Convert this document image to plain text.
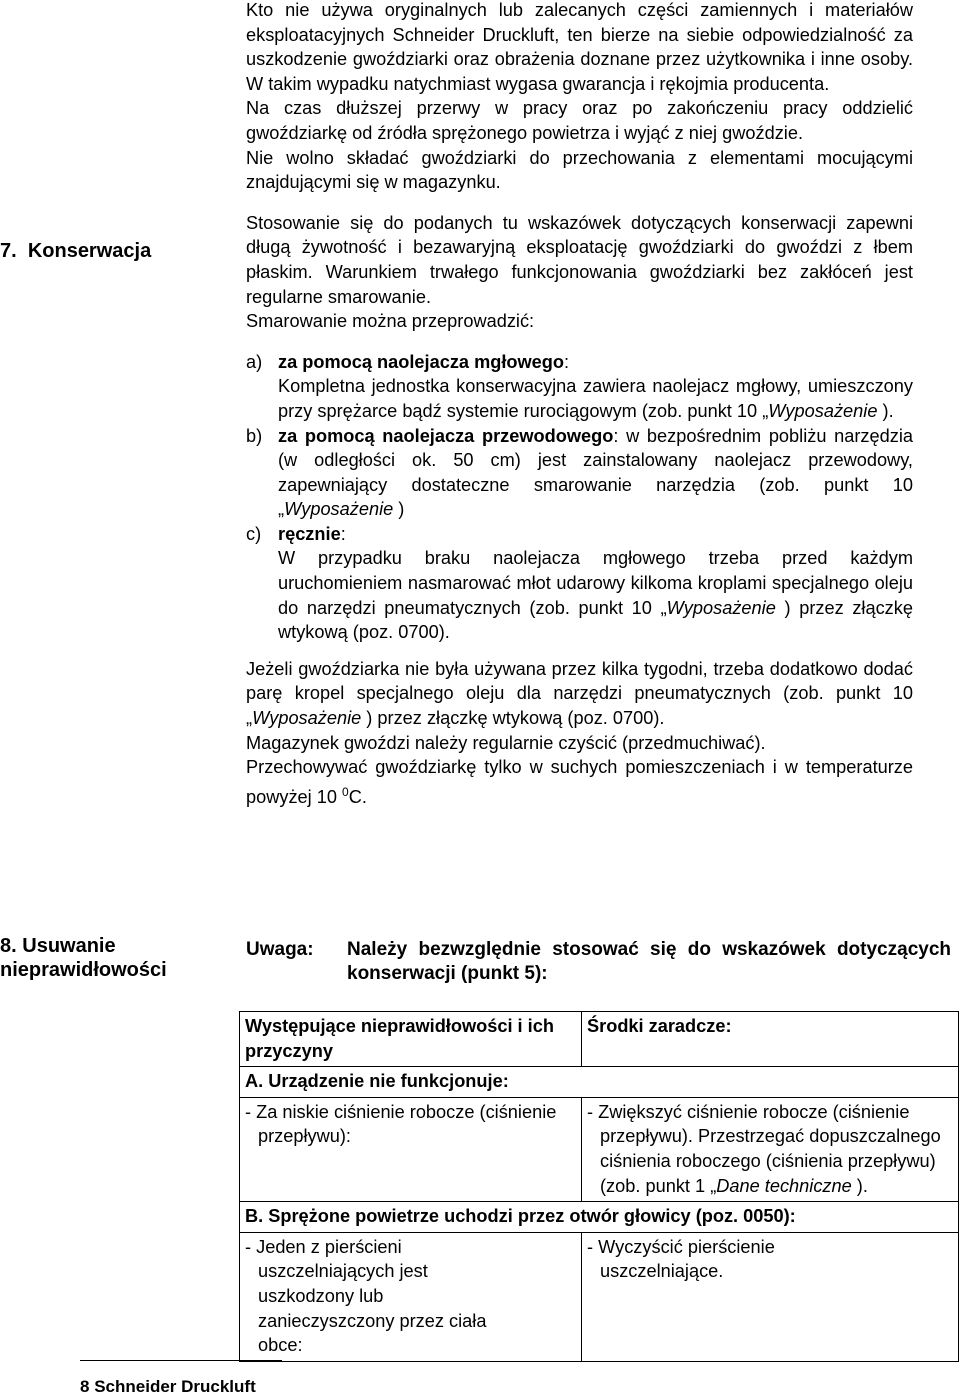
7. Konserwacja

Kto nie używa oryginalnych lub zalecanych części zamiennych i materiałów eksploatacyjnych Schneider Druckluft, ten bierze na siebie odpowiedzialność za uszkodzenie gwoździarki oraz obrażenia doznane przez użytkownika i inne osoby. W takim wypadku natychmiast wygasa gwarancja i rękojmia producenta.

Na czas dłuższej przerwy w pracy oraz po zakończeniu pracy oddzielić gwoździarkę od źródła sprężonego powietrza i wyjąć z niej gwoździe.

Nie wolno składać gwoździarki do przechowania z elementami mocującymi znajdującymi się w magazynku.

Stosowanie się do podanych tu wskazówek dotyczących konserwacji zapewni długą żywotność i bezawaryjną eksploatację gwoździarki do gwoździ z łbem płaskim. Warunkiem trwałego funkcjonowania gwoździarki bez zakłóceń jest regularne smarowanie.

Smarowanie można przeprowadzić:

a) za pomocą naolejacza mgłowego:
Kompletna jednostka konserwacyjna zawiera naolejacz mgłowy, umieszczony przy sprężarce bądź systemie rurociągowym (zob. punkt 10 „Wyposażenie ).
b) za pomocą naolejacza przewodowego: w bezpośrednim pobliżu narzędzia (w odległości ok. 50 cm) jest zainstalowany naolejacz przewodowy, zapewniający dostateczne smarowanie narzędzia (zob. punkt 10 „Wyposażenie )
c) ręcznie:
W przypadku braku naolejacza mgłowego trzeba przed każdym uruchomieniem nasmarować młot udarowy kilkoma kroplami specjalnego oleju do narzędzi pneumatycznych (zob. punkt 10 „Wyposażenie ) przez złączkę wtykową (poz. 0700).

Jeżeli gwoździarka nie była używana przez kilka tygodni, trzeba dodatkowo dodać parę kropel specjalnego oleju dla narzędzi pneumatycznych (zob. punkt 10 „Wyposażenie ) przez złączkę wtykową (poz. 0700).

Magazynek gwoździ należy regularnie czyścić (przedmuchiwać).

Przechowywać gwoździarkę tylko w suchych pomieszczeniach i w temperaturze powyżej 10 $^0$C.

8. Usuwanie
nieprawidłowości
Uwaga:	Należy bezwzględnie stosować się do wskazówek dotyczących konserwacji (punkt 5):
Występujące nieprawidłowości i ich przyczyny	Środki zaradcze:
A. Urządzenie nie funkcjonuje:	

- Za niskie ciśnienie robocze (ciśnienie przepływu):	- Zwiększyć ciśnienie robocze (ciśnienie przepływu). Przestrzegać dopuszczalnego ciśnienia roboczego (ciśnienia przepływu) (zob. punkt 1 „Dane techniczne ).

B. Sprężone powietrze uchodzi przez otwór głowicy (poz. 0050):	

- Jeden z pierścieni uszczelniających jest uszkodzony lub zanieczyszczony przez ciała obce:	- Wyczyścić pierścienie uszczelniające.
8 Schneider Druckluft
